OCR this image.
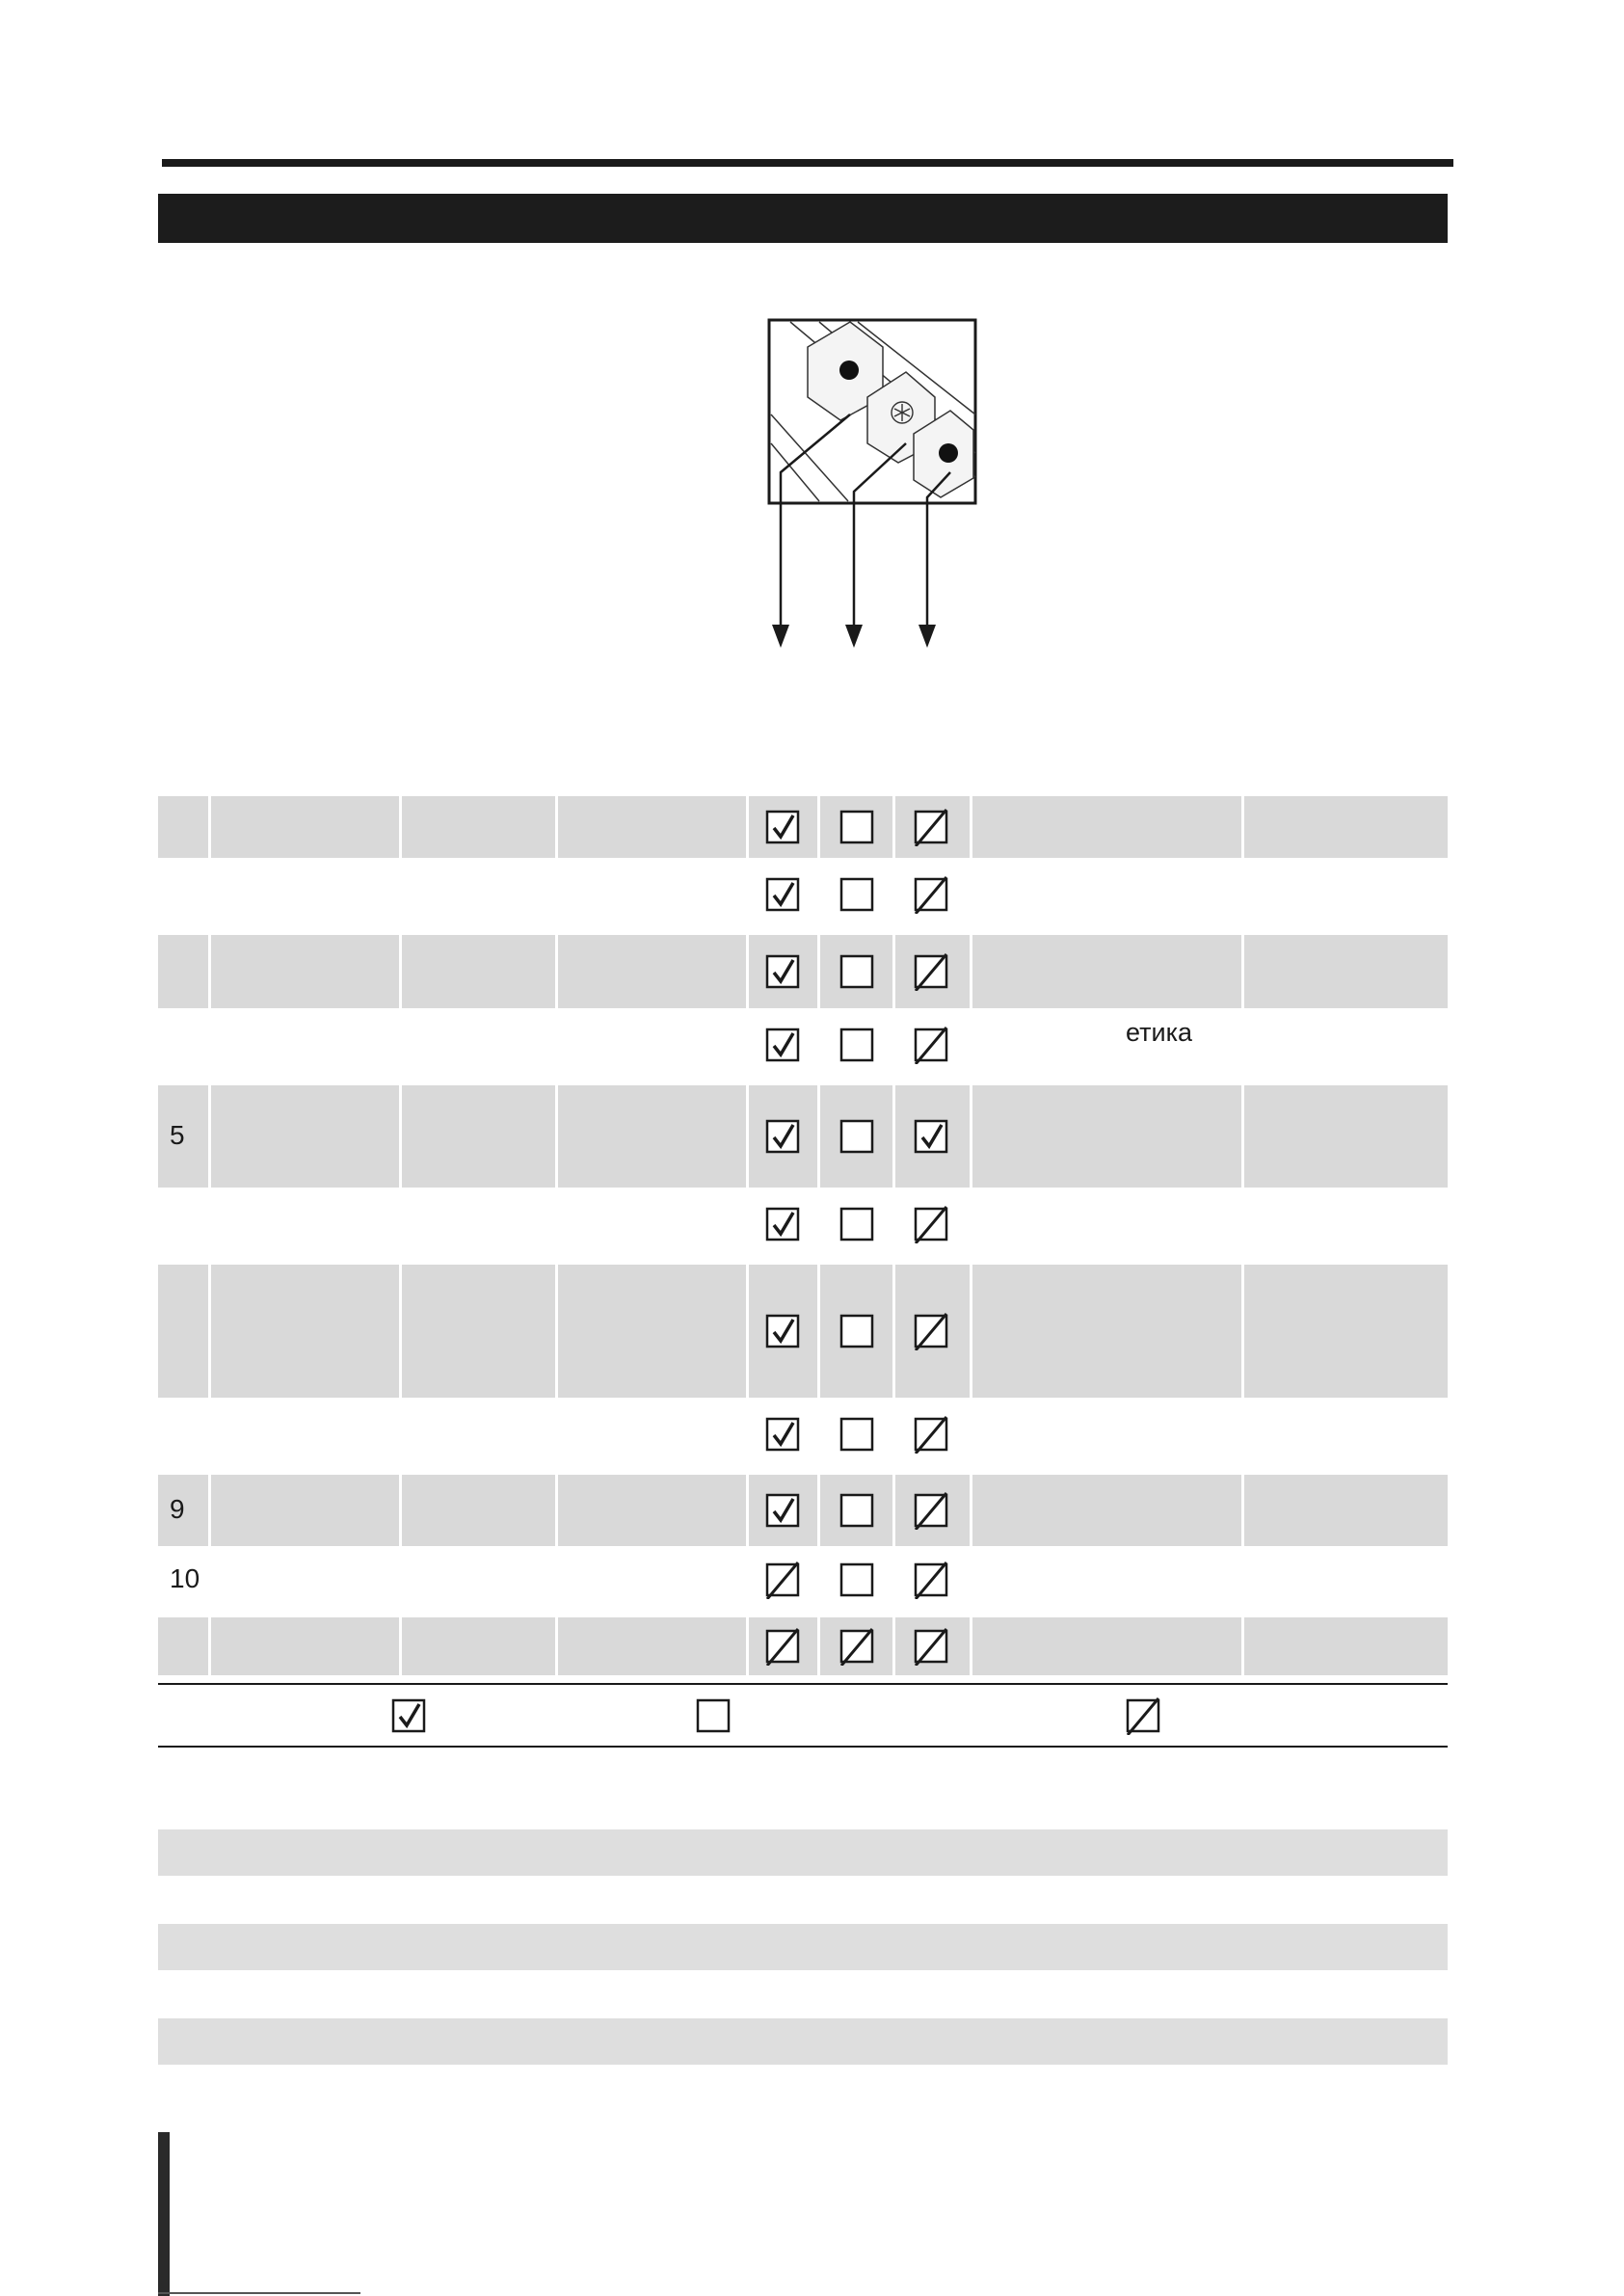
етика
5
9
10
